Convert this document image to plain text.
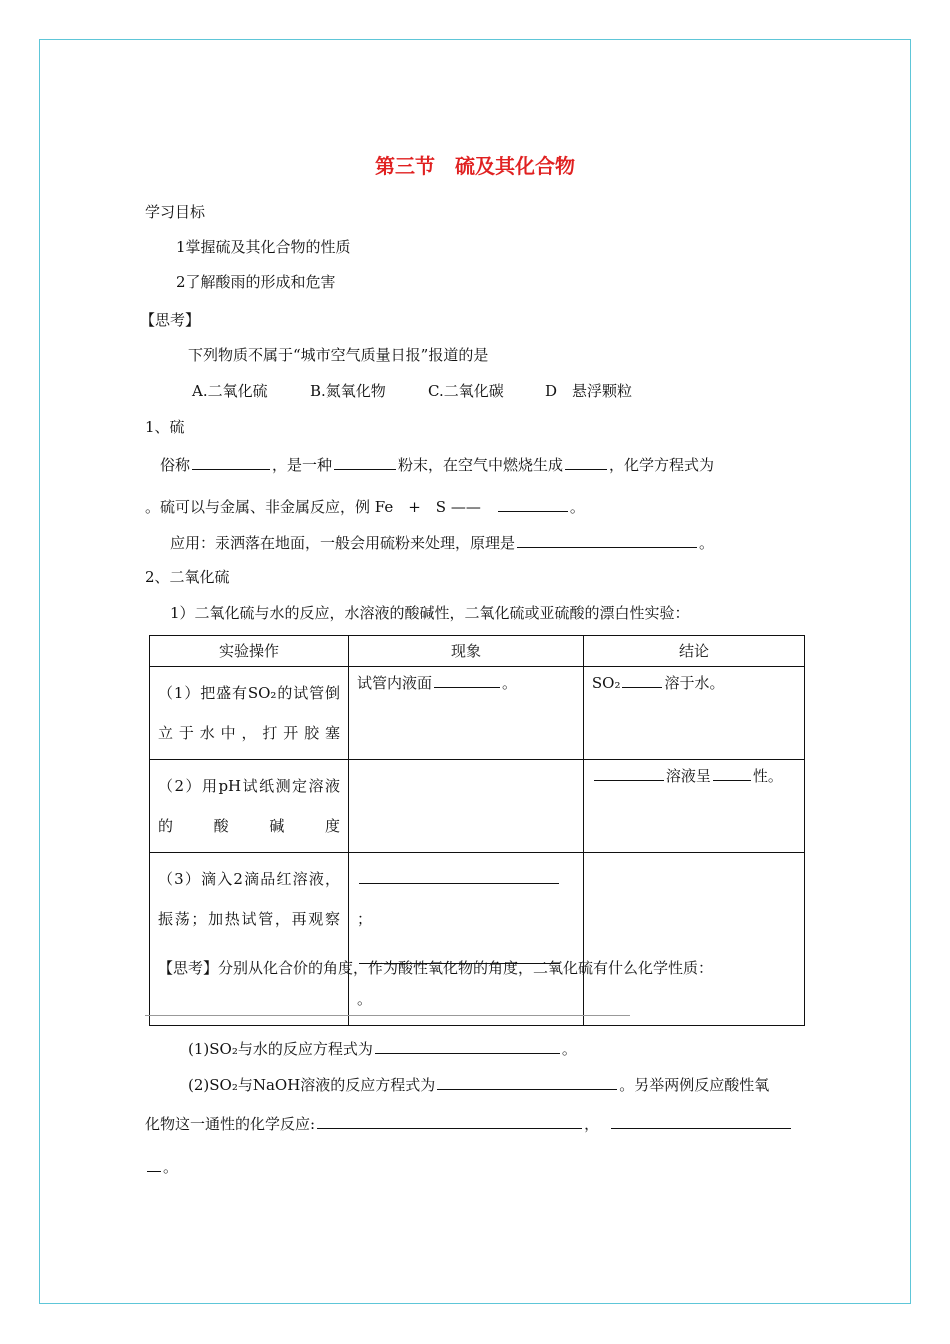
第三节　硫及其化合物
学习目标
1掌握硫及其化合物的性质
2了解酸雨的形成和危害
【思考】
下列物质不属于“城市空气质量日报”报道的是
A.二氧化硫	B.氮氧化物	C.二氧化碳	D　悬浮颗粒
1、硫
俗称	，是一种	粉末，在空气中燃烧生成	，化学方程式为
。硫可以与金属、非金属反应，例 Fe　+　S ——　	。
应用：汞洒落在地面，一般会用硫粉来处理，原理是	。
2、二氧化硫
1）二氧化硫与水的反应，水溶液的酸碱性，二氧化硫或亚硫酸的漂白性实验：
实验操作	现象	结论
（1）把盛有SO₂的试管倒立于水中，打开胶塞	试管内液面 。	SO₂ 溶于水。
（2）用pH试纸测定溶液的酸碱度		溶液呈 性。
（3）滴入2滴品红溶液，振荡；加热试管，再观察	；
。	

【思考】分别从化合价的角度，作为酸性氧化物的角度，二氧化硫有什么化学性质：
(1)SO₂与水的反应方程式为	。
(2)SO₂与NaOH溶液的反应方程式为	。另举两例反应酸性氧
化物这一通性的化学反应:	，
。
